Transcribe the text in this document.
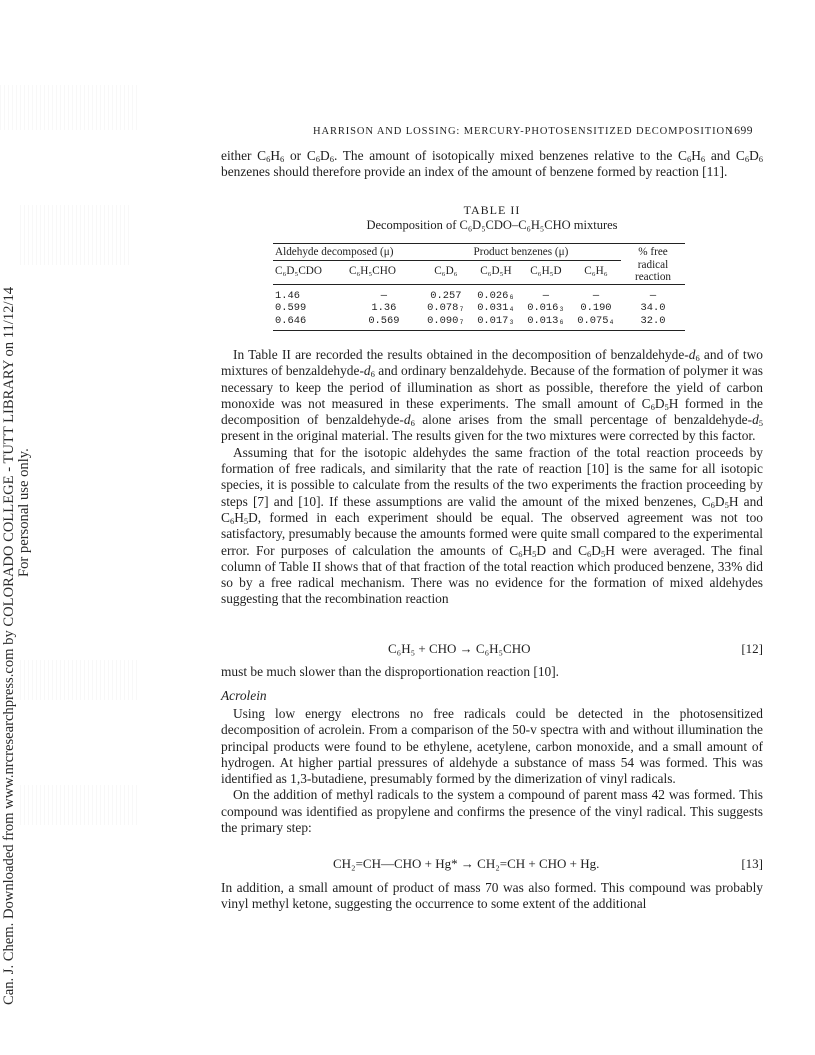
Can. J. Chem. Downloaded from www.nrcresearchpress.com by COLORADO COLLEGE - TUTT LIBRARY on 11/12/14 For personal use only.
HARRISON AND LOSSING: MERCURY-PHOTOSENSITIZED DECOMPOSITION
1699

either $C_6H_6$ or $C_6D_6$. The amount of isotopically mixed benzenes relative to the $C_6H_6$ and $C_6D_6$ benzenes should therefore provide an index of the amount of benzene formed by reaction [11].

TABLE II
Decomposition of C₆D₅CDO–C₆H₅CHO mixtures
Aldehyde decomposed (μ)		Product benzenes (μ)				% free radical reaction
C₆D₅CDO	C₆H₅CHO	C₆D₆	C₆D₅H	C₆H₅D	C₆H₆	
1.46	—	0.257	0.026₆	—	—	—
0.599	1.36	0.078₇	0.031₄	0.016₃	0.190	34.0
0.646	0.569	0.090₇	0.017₃	0.013₆	0.075₄	32.0

In Table II are recorded the results obtained in the decomposition of benzaldehyde-$d_6$ and of two mixtures of benzaldehyde-$d_6$ and ordinary benzaldehyde. Because of the formation of polymer it was necessary to keep the period of illumination as short as possible, therefore the yield of carbon monoxide was not measured in these experiments. The small amount of $C_6D_5H$ formed in the decomposition of benzaldehyde-$d_6$ alone arises from the small percentage of benzaldehyde-$d_5$ present in the original material. The results given for the two mixtures were corrected by this factor.

Assuming that for the isotopic aldehydes the same fraction of the total reaction proceeds by formation of free radicals, and similarity that the rate of reaction [10] is the same for all isotopic species, it is possible to calculate from the results of the two experiments the fraction proceeding by steps [7] and [10]. If these assumptions are valid the amount of the mixed benzenes, $C_6D_5H$ and $C_6H_5D$, formed in each experiment should be equal. The observed agreement was not too satisfactory, presumably because the amounts formed were quite small compared to the experimental error. For purposes of calculation the amounts of $C_6H_5D$ and $C_6D_5H$ were averaged. The final column of Table II shows that of that fraction of the total reaction which produced benzene, 33% did so by a free radical mechanism. There was no evidence for the formation of mixed aldehydes suggesting that the recombination reaction

C₆H₅ + CHO → C₆H₅CHO	[12]

must be much slower than the disproportionation reaction [10].

Acrolein

Using low energy electrons no free radicals could be detected in the photosensitized decomposition of acrolein. From a comparison of the 50-v spectra with and without illumination the principal products were found to be ethylene, acetylene, carbon monoxide, and a small amount of hydrogen. At higher partial pressures of aldehyde a substance of mass 54 was formed. This was identified as 1,3-butadiene, presumably formed by the dimerization of vinyl radicals.

On the addition of methyl radicals to the system a compound of parent mass 42 was formed. This compound was identified as propylene and confirms the presence of the vinyl radical. This suggests the primary step:

CH₂=CH—CHO + Hg* → CH₂=CH + CHO + Hg.	[13]

In addition, a small amount of product of mass 70 was also formed. This compound was probably vinyl methyl ketone, suggesting the occurrence to some extent of the additional
